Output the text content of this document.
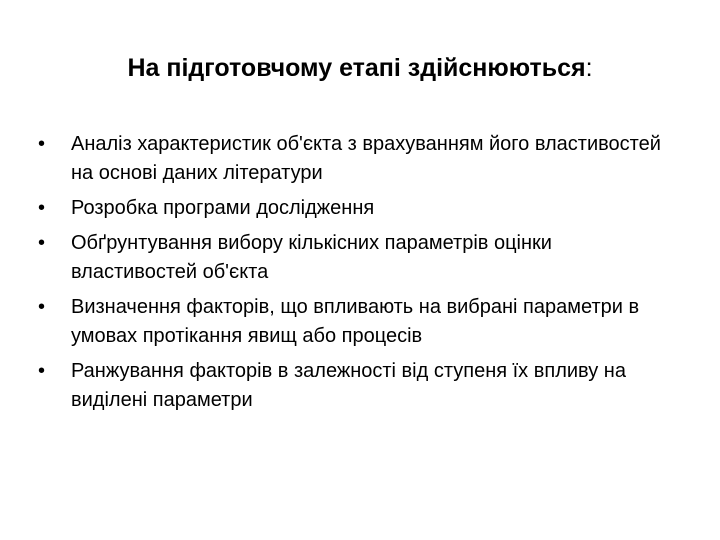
На підготовчому етапі здійснюються:
•	Аналіз характеристик об'єкта з врахуванням його властивостей на основі даних літератури
•	Розробка програми дослідження
•	Обґрунтування вибору кількісних параметрів оцінки властивостей об'єкта
•	Визначення факторів, що впливають на вибрані параметри в умовах протікання явищ або процесів
•	Ранжування факторів в залежності від ступеня їх впливу на виділені параметри
